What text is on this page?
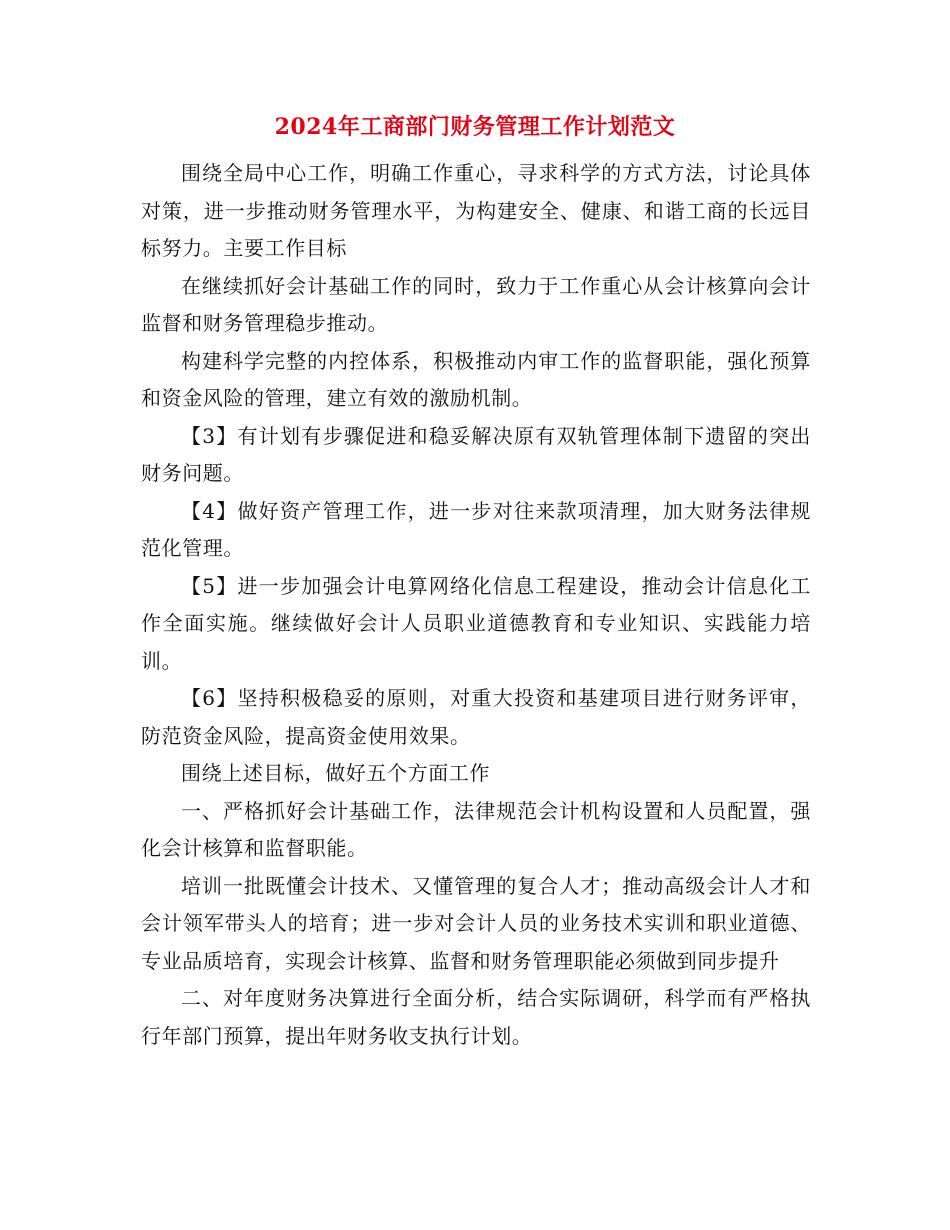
2024年工商部门财务管理工作计划范文

围绕全局中心工作，明确工作重心，寻求科学的方式方法，讨论具体对策，进一步推动财务管理水平，为构建安全、健康、和谐工商的长远目标努力。主要工作目标

在继续抓好会计基础工作的同时，致力于工作重心从会计核算向会计监督和财务管理稳步推动。

构建科学完整的内控体系，积极推动内审工作的监督职能，强化预算和资金风险的管理，建立有效的激励机制。

【3】有计划有步骤促进和稳妥解决原有双轨管理体制下遗留的突出财务问题。

【4】做好资产管理工作，进一步对往来款项清理，加大财务法律规范化管理。

【5】进一步加强会计电算网络化信息工程建设，推动会计信息化工作全面实施。继续做好会计人员职业道德教育和专业知识、实践能力培训。

【6】坚持积极稳妥的原则，对重大投资和基建项目进行财务评审，防范资金风险，提高资金使用效果。

围绕上述目标，做好五个方面工作

一、严格抓好会计基础工作，法律规范会计机构设置和人员配置，强化会计核算和监督职能。

培训一批既懂会计技术、又懂管理的复合人才；推动高级会计人才和会计领军带头人的培育；进一步对会计人员的业务技术实训和职业道德、专业品质培育，实现会计核算、监督和财务管理职能必须做到同步提升

二、对年度财务决算进行全面分析，结合实际调研，科学而有严格执行年部门预算，提出年财务收支执行计划。
